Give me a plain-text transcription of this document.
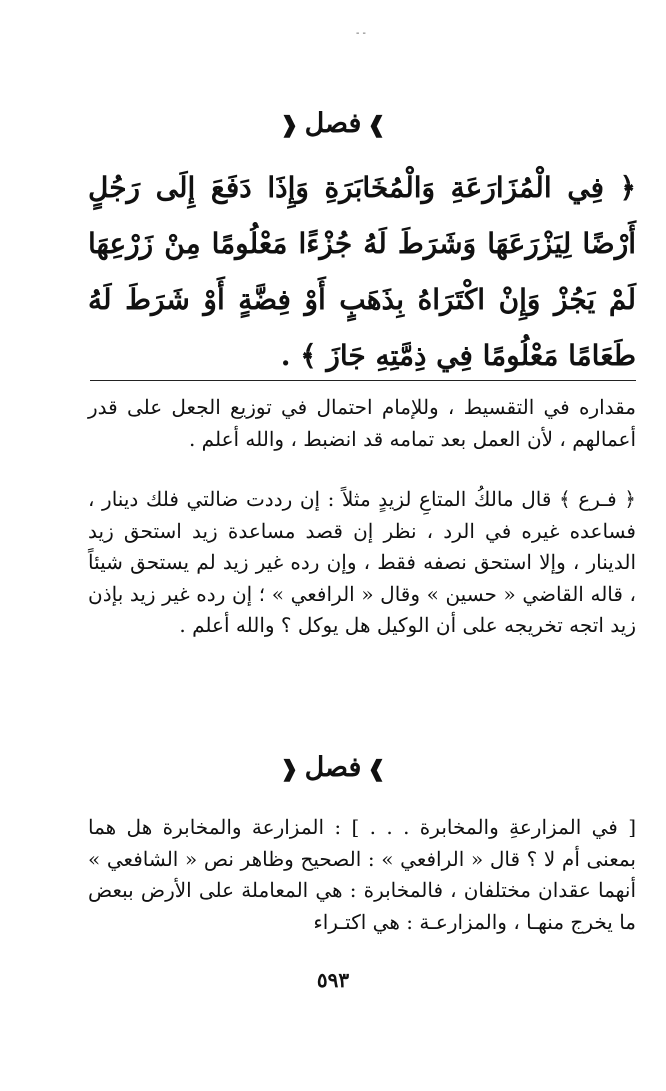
- -
❱فصل❰
﴿ فِي الْمُزَارَعَةِ وَالْمُخَابَرَةِ وَإِذَا دَفَعَ إِلَى رَجُلٍ أَرْضًا لِيَزْرَعَهَا وَشَرَطَ لَهُ جُزْءًا مَعْلُومًا مِنْ زَرْعِهَا لَمْ يَجُزْ وَإِنْ اكْتَرَاهُ بِذَهَبٍ أَوْ فِضَّةٍ أَوْ شَرَطَ لَهُ طَعَامًا مَعْلُومًا فِي ذِمَّتِهِ جَازَ ﴾ .
مقداره في التقسيط ، وللإمام احتمال في توزيع الجعل على قدر أعمالهم ، لأن العمل بعد تمامه قد انضبط ، والله أعلم .
﴿ فـرع ﴾ قال مالكُ المتاعِ لزيدٍ مثلاً : إن رددت ضالتي فلك دينار ، فساعده غيره في الرد ، نظر إن قصد مساعدة زيد استحق زيد الدينار ، وإلا استحق نصفه فقط ، وإن رده غير زيد لم يستحق شيئاً ، قاله القاضي « حسين » وقال « الرافعي » ؛ إن رده غير زيد بإذن زيد اتجه تخريجه على أن الوكيل هل يوكل ؟ والله أعلم .
❱فصل❰
[ في المزارعةِ والمخابرة . . . ] : المزارعة والمخابرة هل هما بمعنى أم لا ؟ قال « الرافعي » : الصحيح وظاهر نص « الشافعي » أنهما عقدان مختلفان ، فالمخابرة : هي المعاملة على الأرض ببعض ما يخرج منهـا ، والمزارعـة : هي اكتـراء
٥٩٣
